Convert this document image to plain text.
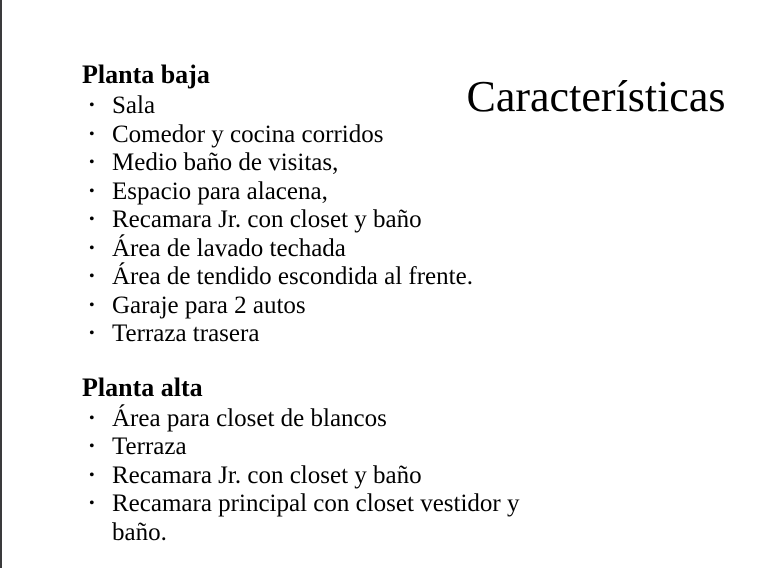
Características
Planta baja
• Sala
• Comedor y cocina corridos
• Medio baño de visitas,
• Espacio para alacena,
• Recamara Jr. con closet y baño
• Área de lavado techada
• Área de tendido escondida al frente.
• Garaje para 2 autos
• Terraza trasera
Planta alta
• Área para closet de blancos
• Terraza
• Recamara Jr. con closet y baño
• Recamara principal con closet vestidor y baño.
